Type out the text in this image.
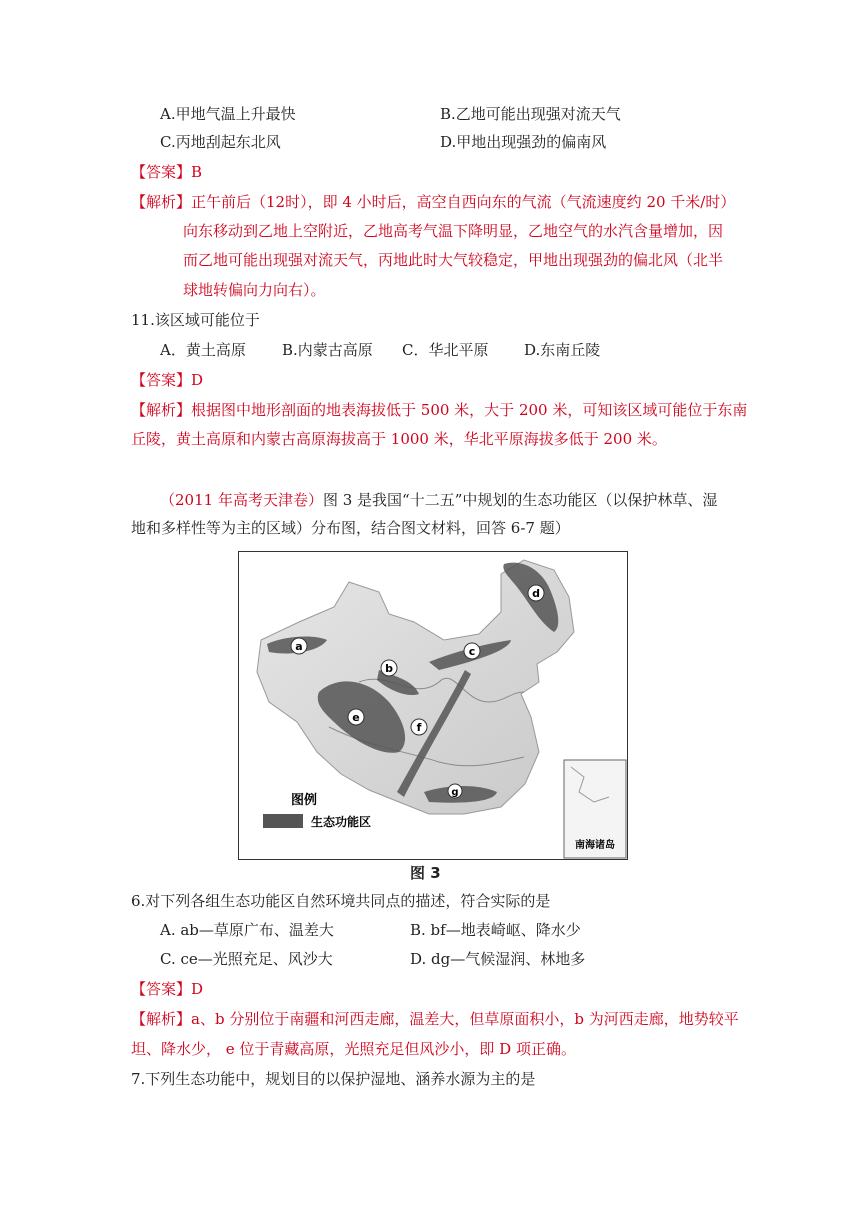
A.甲地气温上升最快	B.乙地可能出现强对流天气
C.丙地刮起东北风	D.甲地出现强劲的偏南风
【答案】B
【解析】正午前后（12时），即 4 小时后，高空自西向东的气流（气流速度约 20 千米/时）
向东移动到乙地上空附近，乙地高考气温下降明显，乙地空气的水汽含量增加，因
而乙地可能出现强对流天气，丙地此时大气较稳定，甲地出现强劲的偏北风（北半
球地转偏向力向右）。
11.该区域可能位于
A．黄土高原 B.内蒙古高原 C．华北平原 D.东南丘陵
【答案】D
【解析】根据图中地形剖面的地表海拔低于 500 米，大于 200 米，可知该区域可能位于东南
丘陵，黄土高原和内蒙古高原海拔高于 1000 米，华北平原海拔多低于 200 米。
（2011 年高考天津卷）图 3 是我国“十二五”中规划的生态功能区（以保护林草、湿
地和多样性等为主的区域）分布图，结合图文材料，回答 6-7 题）
a
b
c
d
e
f
g
图例
生态功能区
南海诸岛
图 3
6.对下列各组生态功能区自然环境共同点的描述，符合实际的是
A. ab—草原广布、温差大	B. bf—地表崎岖、降水少
C. ce—光照充足、风沙大	D. dg—气候湿润、林地多
【答案】D
【解析】a、b 分别位于南疆和河西走廊，温差大，但草原面积小，b 为河西走廊，地势较平
坦、降水少， e 位于青藏高原，光照充足但风沙小，即 D 项正确。
7.下列生态功能中，规划目的以保护湿地、涵养水源为主的是
